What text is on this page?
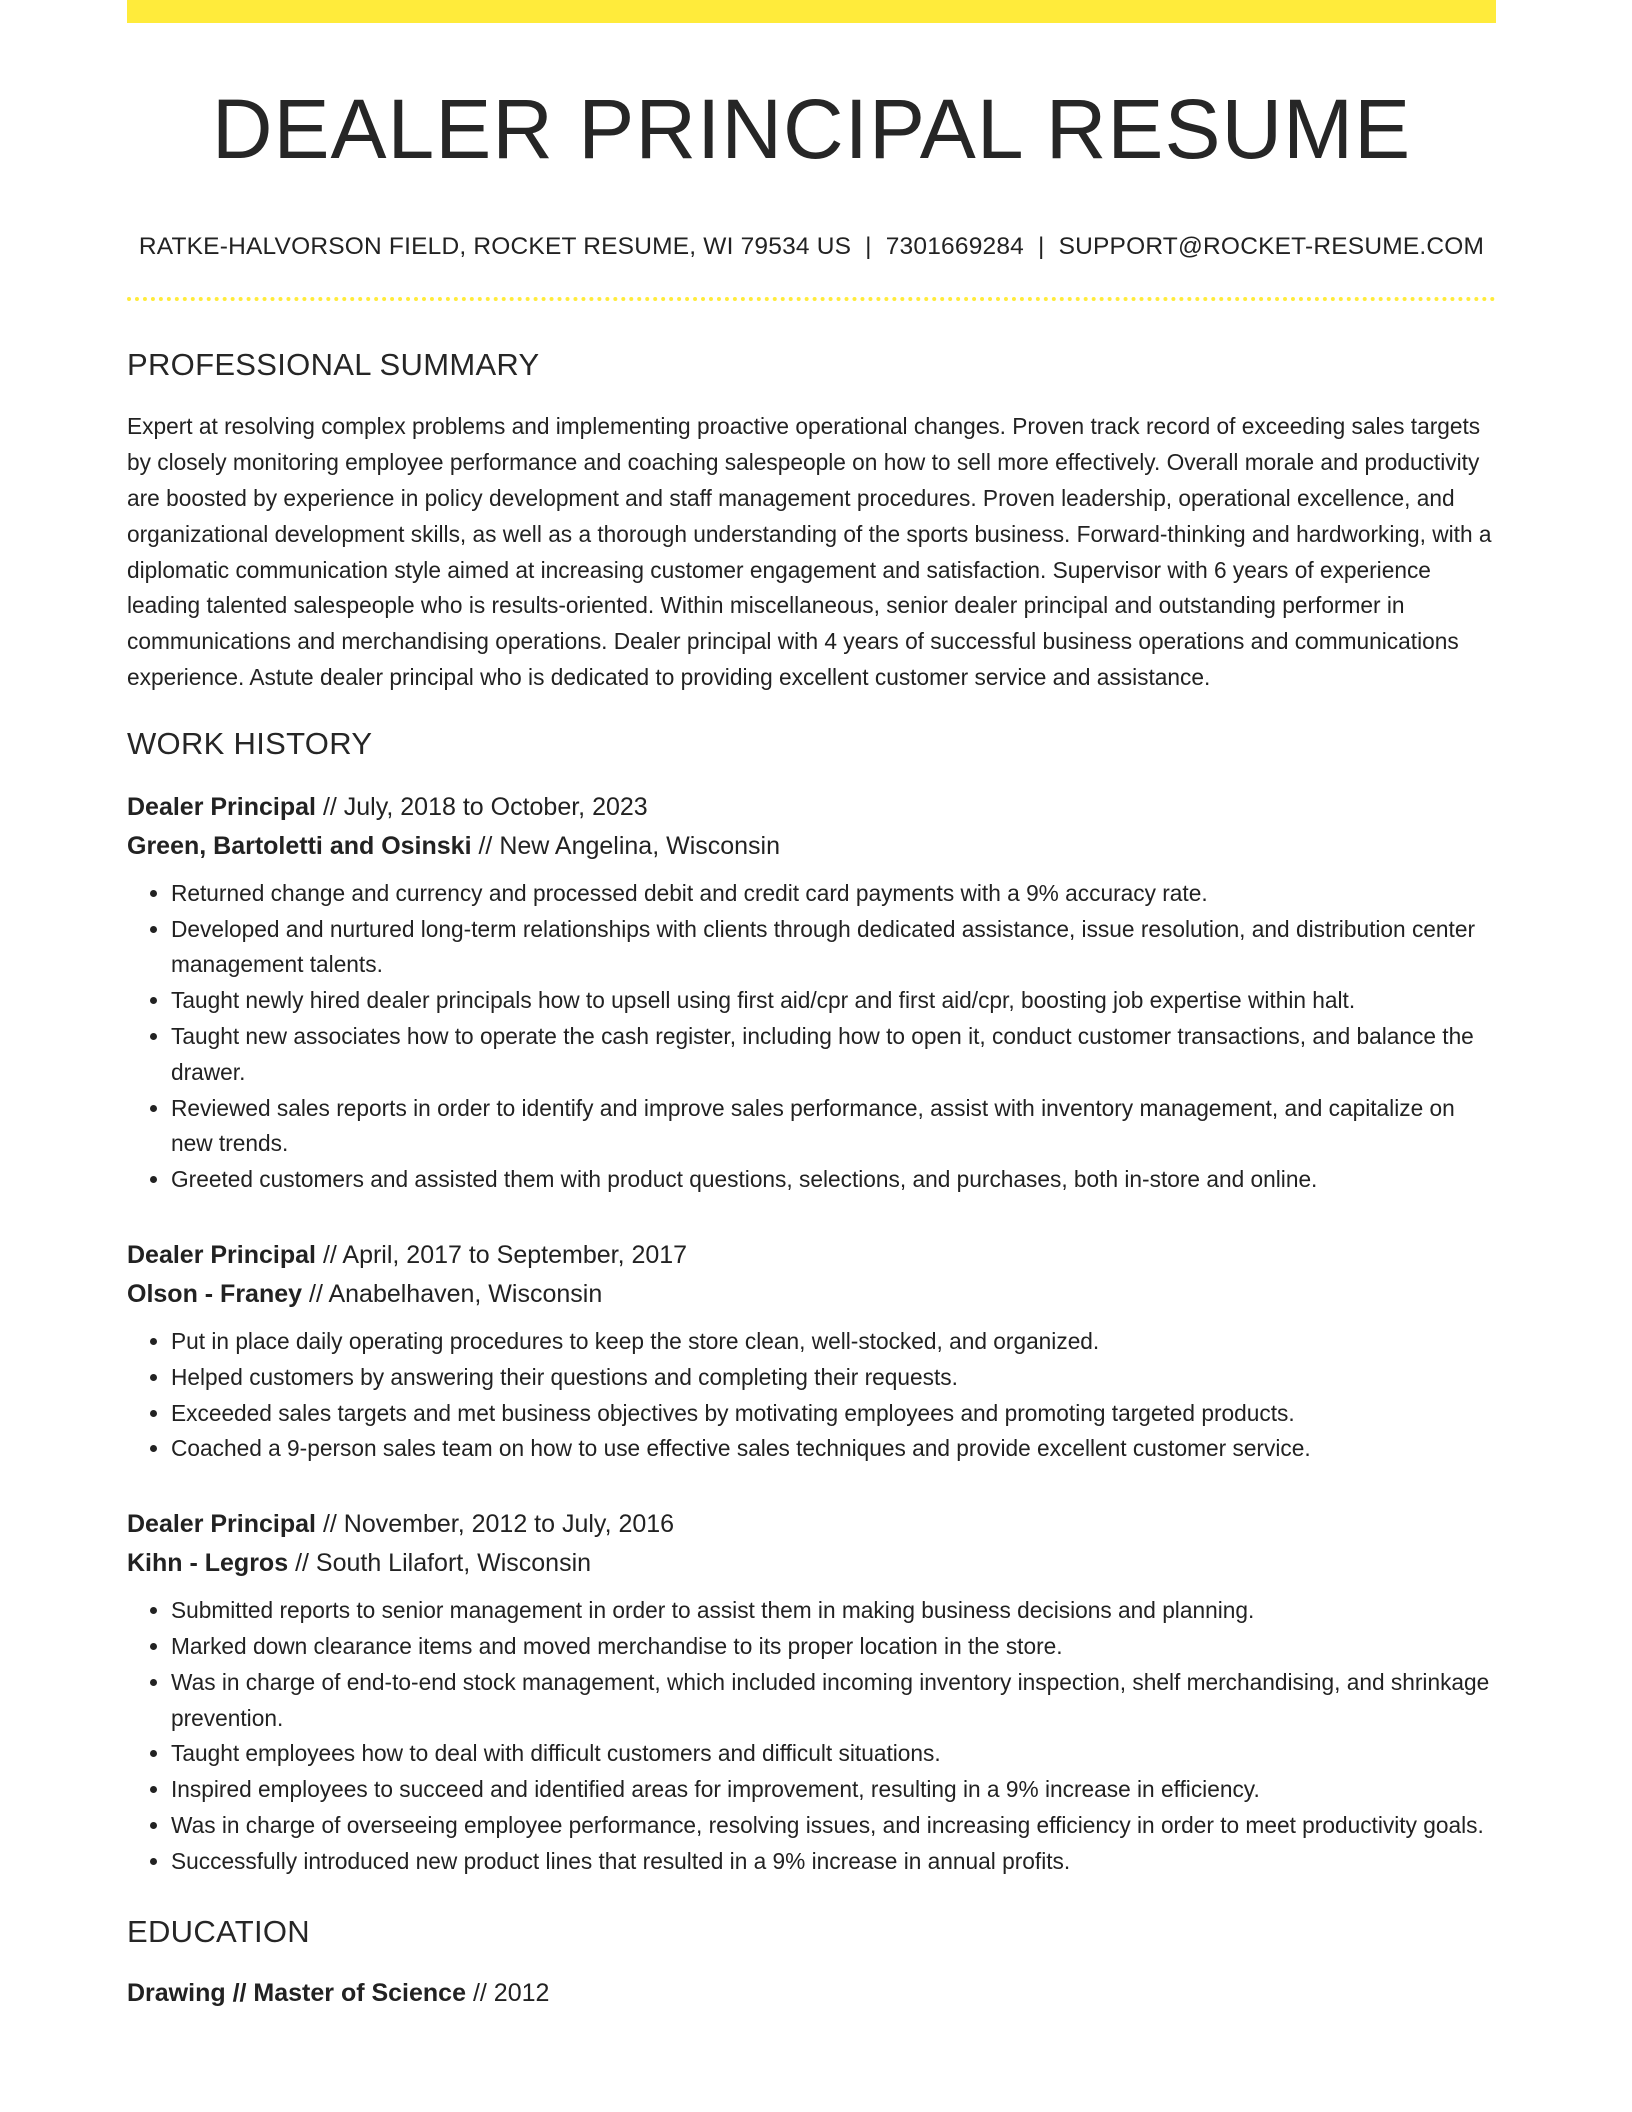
DEALER PRINCIPAL RESUME
RATKE-HALVORSON FIELD, ROCKET RESUME, WI 79534 US | 7301669284 | SUPPORT@ROCKET-RESUME.COM
PROFESSIONAL SUMMARY

Expert at resolving complex problems and implementing proactive operational changes. Proven track record of exceeding sales targets by closely monitoring employee performance and coaching salespeople on how to sell more effectively. Overall morale and productivity are boosted by experience in policy development and staff management procedures. Proven leadership, operational excellence, and organizational development skills, as well as a thorough understanding of the sports business. Forward-thinking and hardworking, with a diplomatic communication style aimed at increasing customer engagement and satisfaction. Supervisor with 6 years of experience leading talented salespeople who is results-oriented. Within miscellaneous, senior dealer principal and outstanding performer in communications and merchandising operations. Dealer principal with 4 years of successful business operations and communications experience. Astute dealer principal who is dedicated to providing excellent customer service and assistance.

WORK HISTORY
Dealer Principal // July, 2018 to October, 2023
Green, Bartoletti and Osinski // New Angelina, Wisconsin
• Returned change and currency and processed debit and credit card payments with a 9% accuracy rate.
• Developed and nurtured long-term relationships with clients through dedicated assistance, issue resolution, and distribution center management talents.
• Taught newly hired dealer principals how to upsell using first aid/cpr and first aid/cpr, boosting job expertise within halt.
• Taught new associates how to operate the cash register, including how to open it, conduct customer transactions, and balance the drawer.
• Reviewed sales reports in order to identify and improve sales performance, assist with inventory management, and capitalize on new trends.
• Greeted customers and assisted them with product questions, selections, and purchases, both in-store and online.
Dealer Principal // April, 2017 to September, 2017
Olson - Franey // Anabelhaven, Wisconsin
• Put in place daily operating procedures to keep the store clean, well-stocked, and organized.
• Helped customers by answering their questions and completing their requests.
• Exceeded sales targets and met business objectives by motivating employees and promoting targeted products.
• Coached a 9-person sales team on how to use effective sales techniques and provide excellent customer service.
Dealer Principal // November, 2012 to July, 2016
Kihn - Legros // South Lilafort, Wisconsin
• Submitted reports to senior management in order to assist them in making business decisions and planning.
• Marked down clearance items and moved merchandise to its proper location in the store.
• Was in charge of end-to-end stock management, which included incoming inventory inspection, shelf merchandising, and shrinkage prevention.
• Taught employees how to deal with difficult customers and difficult situations.
• Inspired employees to succeed and identified areas for improvement, resulting in a 9% increase in efficiency.
• Was in charge of overseeing employee performance, resolving issues, and increasing efficiency in order to meet productivity goals.
• Successfully introduced new product lines that resulted in a 9% increase in annual profits.
EDUCATION
Drawing // Master of Science // 2012
